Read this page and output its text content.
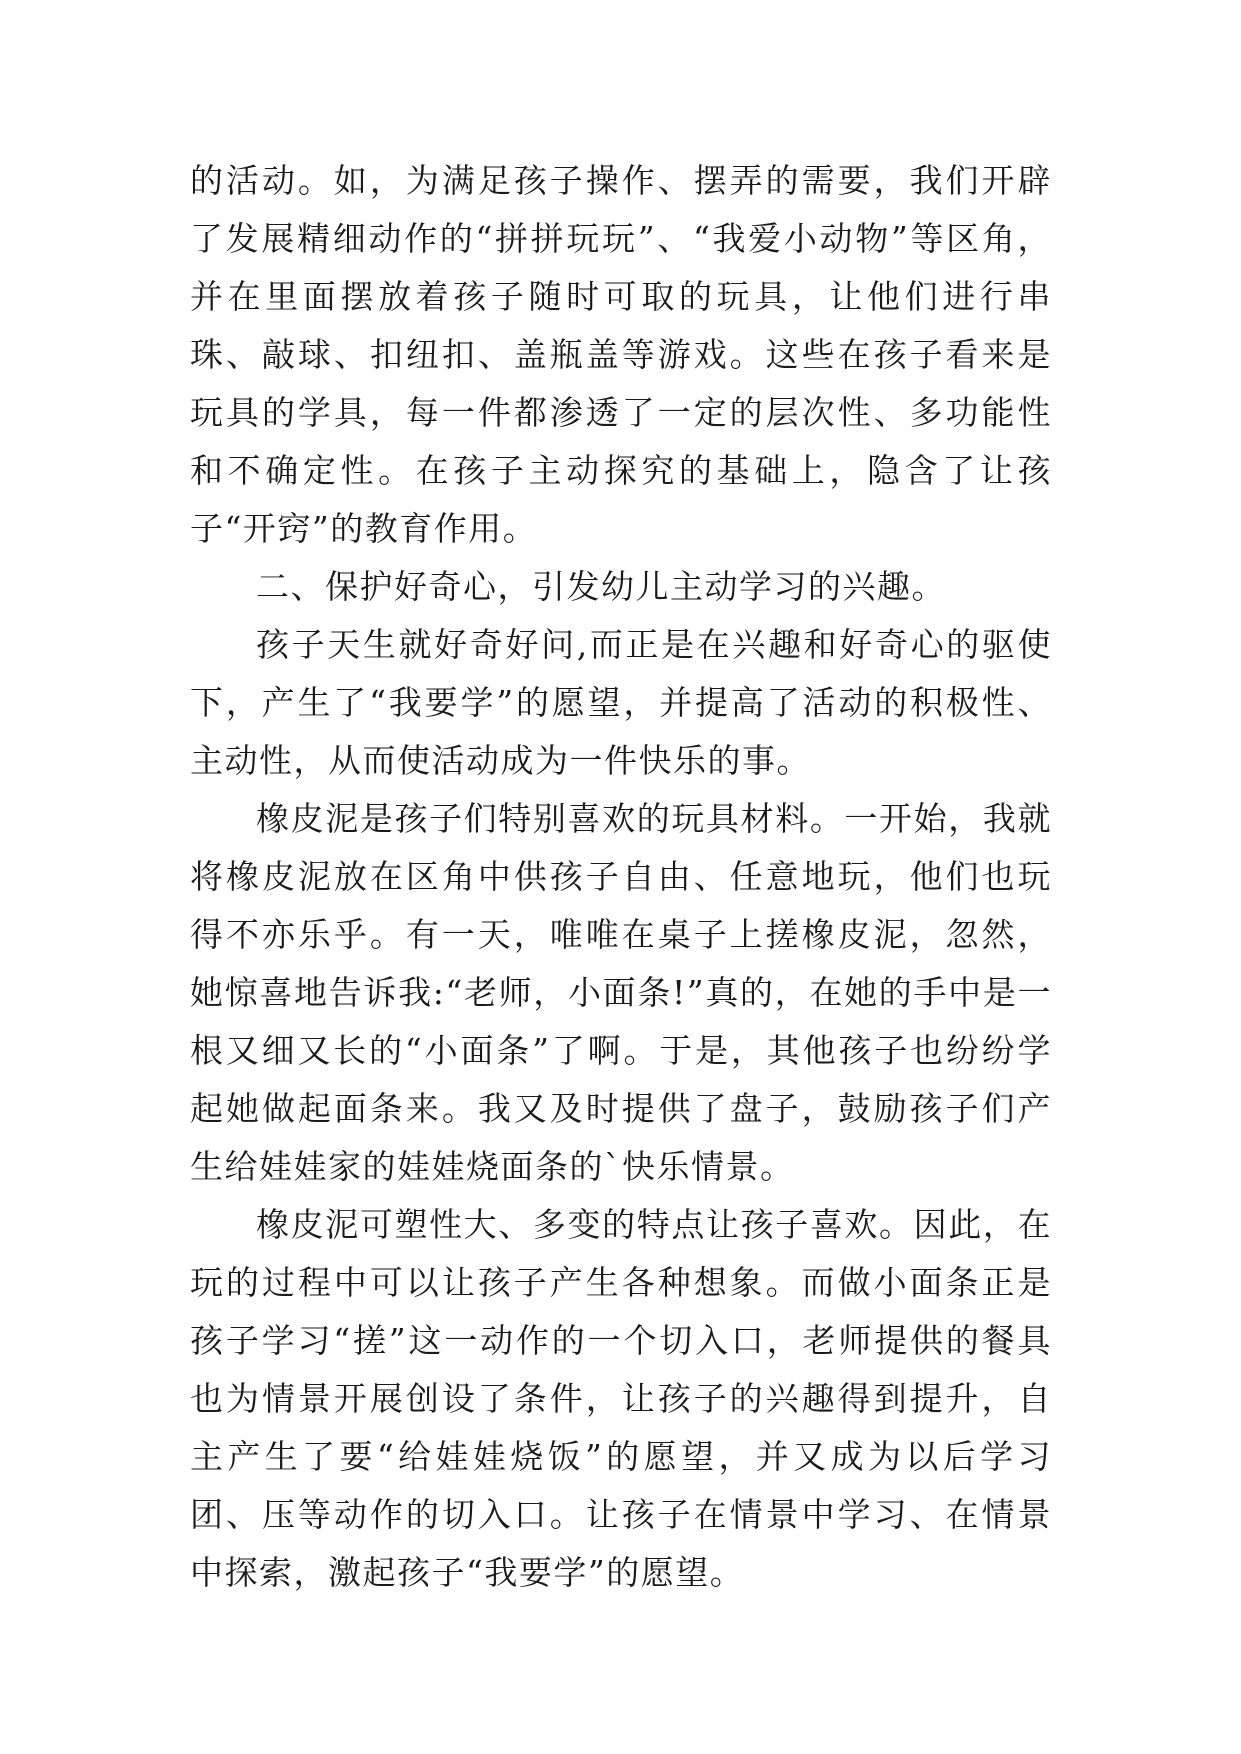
的活动。如，为满足孩子操作、摆弄的需要，我们开辟了发展精细动作的“拼拼玩玩”、“我爱小动物”等区角，并在里面摆放着孩子随时可取的玩具，让他们进行串珠、敲球、扣纽扣、盖瓶盖等游戏。这些在孩子看来是玩具的学具，每一件都渗透了一定的层次性、多功能性和不确定性。在孩子主动探究的基础上，隐含了让孩子“开窍”的教育作用。

二、保护好奇心，引发幼儿主动学习的兴趣。

孩子天生就好奇好问,而正是在兴趣和好奇心的驱使下，产生了“我要学”的愿望，并提高了活动的积极性、主动性，从而使活动成为一件快乐的事。

橡皮泥是孩子们特别喜欢的玩具材料。一开始，我就将橡皮泥放在区角中供孩子自由、任意地玩，他们也玩得不亦乐乎。有一天，唯唯在桌子上搓橡皮泥，忽然，她惊喜地告诉我:“老师，小面条!”真的，在她的手中是一根又细又长的“小面条”了啊。于是，其他孩子也纷纷学起她做起面条来。我又及时提供了盘子，鼓励孩子们产生给娃娃家的娃娃烧面条的`快乐情景。

橡皮泥可塑性大、多变的特点让孩子喜欢。因此，在玩的过程中可以让孩子产生各种想象。而做小面条正是孩子学习“搓”这一动作的一个切入口，老师提供的餐具也为情景开展创设了条件，让孩子的兴趣得到提升，自主产生了要“给娃娃烧饭”的愿望，并又成为以后学习团、压等动作的切入口。让孩子在情景中学习、在情景中探索，激起孩子“我要学”的愿望。
